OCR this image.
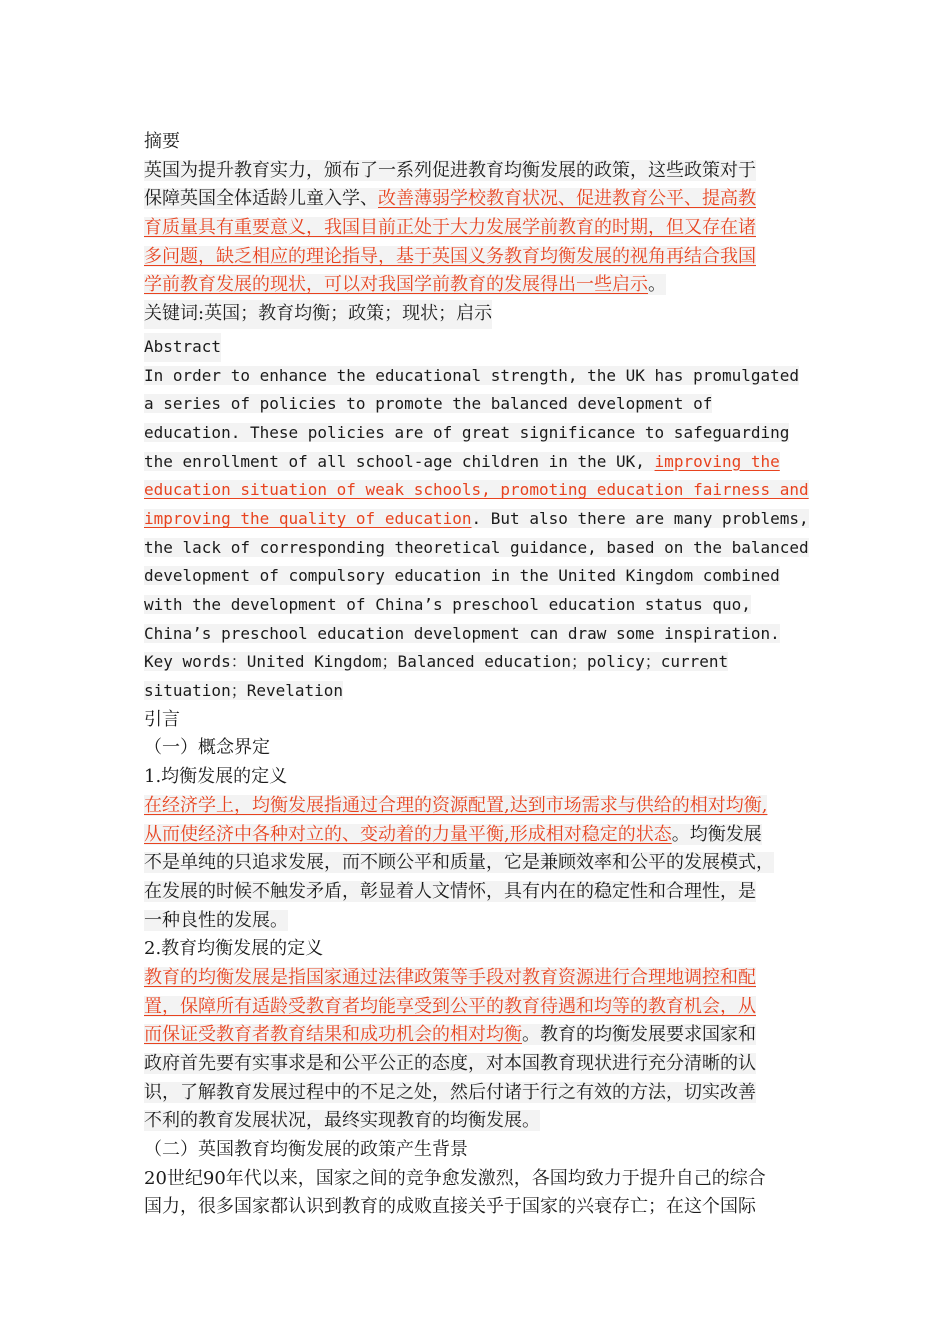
摘要
英国为提升教育实力，颁布了一系列促进教育均衡发展的政策，这些政策对于
保障英国全体适龄儿童入学、改善薄弱学校教育状况、促进教育公平、提高教
育质量具有重要意义，我国目前正处于大力发展学前教育的时期，但又存在诸
多问题，缺乏相应的理论指导，基于英国义务教育均衡发展的视角再结合我国
学前教育发展的现状，可以对我国学前教育的发展得出一些启示。
关键词:英国；教育均衡；政策；现状；启示
Abstract
In order to enhance the educational strength, the UK has promulgated
a series of policies to promote the balanced development of
education. These policies are of great significance to safeguarding
the enrollment of all school-age children in the UK, improving the
education situation of weak schools, promoting education fairness and
improving the quality of education. But also there are many problems,
the lack of corresponding theoretical guidance, based on the balanced
development of compulsory education in the United Kingdom combined
with the development of China’s preschool education status quo,
China’s preschool education development can draw some inspiration.
Key words：United Kingdom；Balanced education；policy；current
situation；Revelation
引言
（一）概念界定
1.均衡发展的定义
在经济学上，均衡发展指通过合理的资源配置,达到市场需求与供给的相对均衡,
从而使经济中各种对立的、变动着的力量平衡,形成相对稳定的状态。均衡发展
不是单纯的只追求发展，而不顾公平和质量，它是兼顾效率和公平的发展模式，
在发展的时候不触发矛盾，彰显着人文情怀，具有内在的稳定性和合理性，是
一种良性的发展。
2.教育均衡发展的定义
教育的均衡发展是指国家通过法律政策等手段对教育资源进行合理地调控和配
置，保障所有适龄受教育者均能享受到公平的教育待遇和均等的教育机会，从
而保证受教育者教育结果和成功机会的相对均衡。教育的均衡发展要求国家和
政府首先要有实事求是和公平公正的态度，对本国教育现状进行充分清晰的认
识，了解教育发展过程中的不足之处，然后付诸于行之有效的方法，切实改善
不利的教育发展状况，最终实现教育的均衡发展。
（二）英国教育均衡发展的政策产生背景
20世纪90年代以来，国家之间的竞争愈发激烈，各国均致力于提升自己的综合
国力，很多国家都认识到教育的成败直接关乎于国家的兴衰存亡；在这个国际
